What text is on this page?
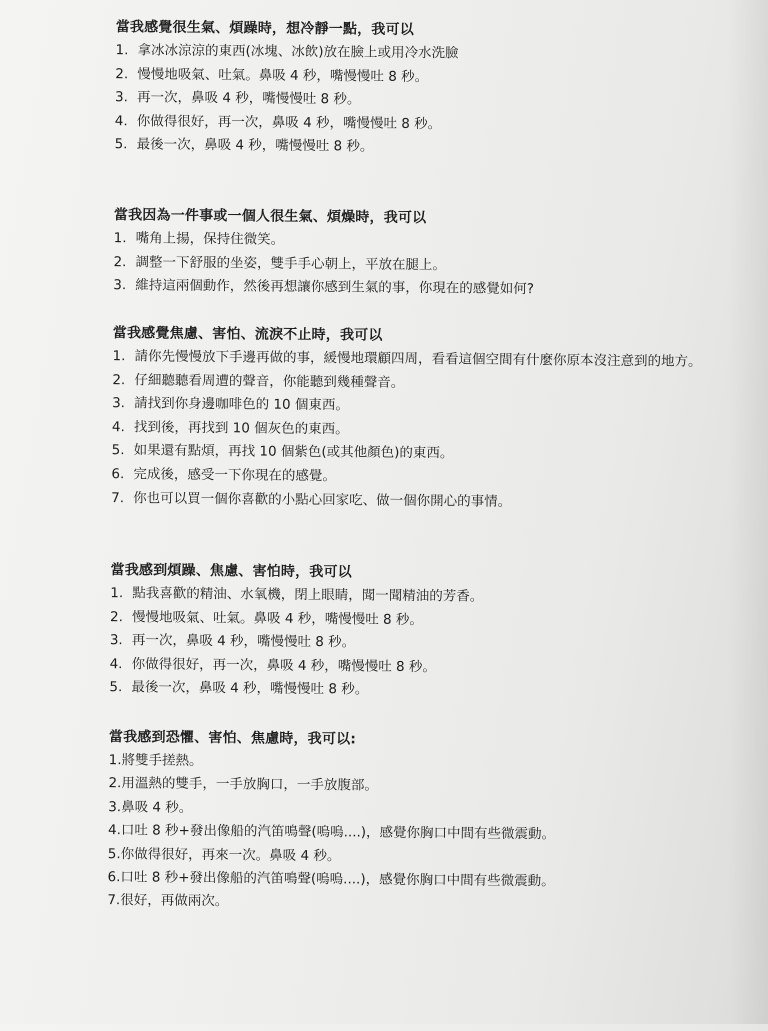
當我感覺很生氣、煩躁時，想冷靜一點，我可以
1. 拿冰冰涼涼的東西(冰塊、冰飲)放在臉上或用冷水洗臉
2. 慢慢地吸氣、吐氣。鼻吸 4 秒，嘴慢慢吐 8 秒。
3. 再一次，鼻吸 4 秒，嘴慢慢吐 8 秒。
4. 你做得很好，再一次，鼻吸 4 秒，嘴慢慢吐 8 秒。
5. 最後一次，鼻吸 4 秒，嘴慢慢吐 8 秒。
當我因為一件事或一個人很生氣、煩燥時，我可以
1. 嘴角上揚，保持住微笑。
2. 調整一下舒服的坐姿，雙手手心朝上，平放在腿上。
3. 維持這兩個動作，然後再想讓你感到生氣的事，你現在的感覺如何?
當我感覺焦慮、害怕、流淚不止時，我可以
1. 請你先慢慢放下手邊再做的事，緩慢地環顧四周，看看這個空間有什麼你原本沒注意到的地方。
2. 仔細聽聽看周遭的聲音，你能聽到幾種聲音。
3. 請找到你身邊咖啡色的 10 個東西。
4. 找到後，再找到 10 個灰色的東西。
5. 如果還有點煩，再找 10 個紫色(或其他顏色)的東西。
6. 完成後，感受一下你現在的感覺。
7. 你也可以買一個你喜歡的小點心回家吃、做一個你開心的事情。
當我感到煩躁、焦慮、害怕時，我可以
1. 點我喜歡的精油、水氧機，閉上眼睛，聞一聞精油的芳香。
2. 慢慢地吸氣、吐氣。鼻吸 4 秒，嘴慢慢吐 8 秒。
3. 再一次，鼻吸 4 秒，嘴慢慢吐 8 秒。
4. 你做得很好，再一次，鼻吸 4 秒，嘴慢慢吐 8 秒。
5. 最後一次，鼻吸 4 秒，嘴慢慢吐 8 秒。
當我感到恐懼、害怕、焦慮時，我可以:
1. 將雙手搓熱。
2. 用溫熱的雙手，一手放胸口，一手放腹部。
3. 鼻吸 4 秒。
4. 口吐 8 秒+發出像船的汽笛鳴聲(嗚嗚....)，感覺你胸口中間有些微震動。
5. 你做得很好，再來一次。鼻吸 4 秒。
6. 口吐 8 秒+發出像船的汽笛鳴聲(嗚嗚....)，感覺你胸口中間有些微震動。
7. 很好，再做兩次。
